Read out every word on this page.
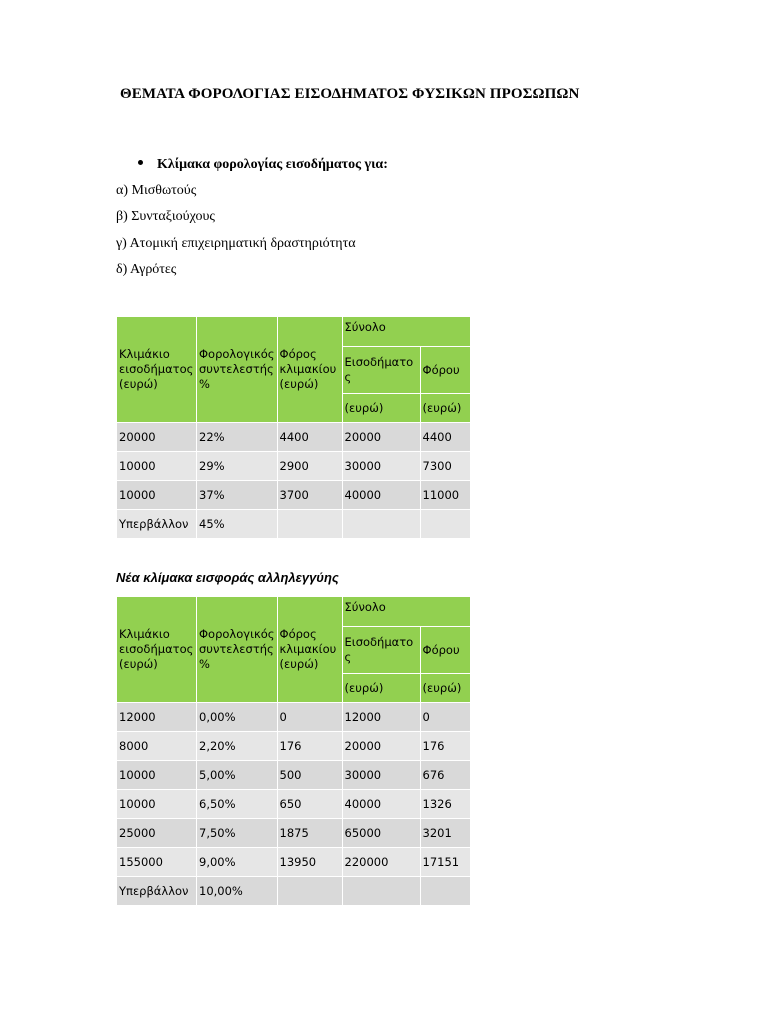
ΘΕΜΑΤΑ ΦΟΡΟΛΟΓΙΑΣ ΕΙΣΟΔΗΜΑΤΟΣ ΦΥΣΙΚΩΝ ΠΡΟΣΩΠΩΝ
Κλίμακα φορολογίας εισοδήματος για:
α) Μισθωτούς
β) Συνταξιούχους
γ) Ατομική επιχειρηματική δραστηριότητα
δ) Αγρότες
Κλιμάκιο
εισοδήματος
(ευρώ)	Φορολογικός
συντελεστής
%	Φόρος
κλιμακίου
(ευρώ)	Σύνολο	
			Εισοδήματο
ς	Φόρου
			(ευρώ)	(ευρώ)
20000	22%	4400	20000	4400
10000	29%	2900	30000	7300
10000	37%	3700	40000	11000
Υπερβάλλον	45%			
Νέα κλίμακα εισφοράς αλληλεγγύης
Κλιμάκιο
εισοδήματος
(ευρώ)	Φορολογικός
συντελεστής
%	Φόρος
κλιμακίου
(ευρώ)	Σύνολο	
			Εισοδήματο
ς	Φόρου
			(ευρώ)	(ευρώ)
12000	0,00%	0	12000	0
8000	2,20%	176	20000	176
10000	5,00%	500	30000	676
10000	6,50%	650	40000	1326
25000	7,50%	1875	65000	3201
155000	9,00%	13950	220000	17151
Υπερβάλλον	10,00%			
